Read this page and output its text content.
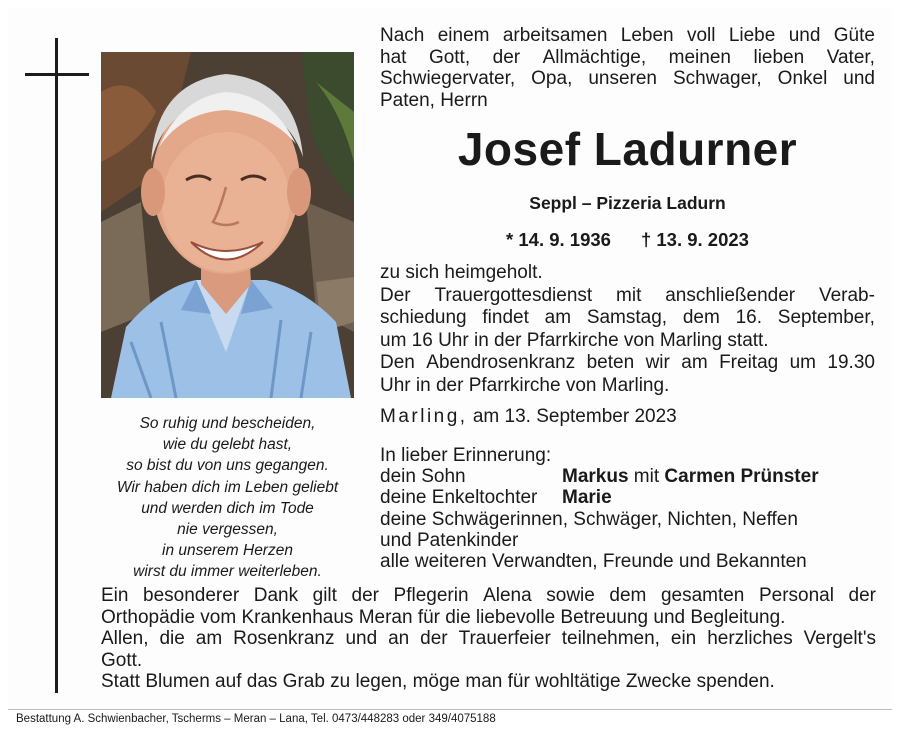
Nach einem arbeitsamen Leben voll Liebe und Güte
hat Gott, der Allmächtige, meinen lieben Vater,
Schwiegervater, Opa, unseren Schwager, Onkel und
Paten, Herrn
Josef Ladurner
Seppl – Pizzeria Ladurn
* 14. 9. 1936 † 13. 9. 2023
zu sich heimgeholt.
Der Trauergottesdienst mit anschließender Verab-
schiedung findet am Samstag, dem 16. September,
um 16 Uhr in der Pfarrkirche von Marling statt.
Den Abendrosenkranz beten wir am Freitag um 19.30
Uhr in der Pfarrkirche von Marling.
Marling, am 13. September 2023
In lieber Erinnerung:
dein Sohn	Markus mit Carmen Prünster
deine Enkeltochter Marie
deine Schwägerinnen, Schwäger, Nichten, Neffen
und Patenkinder
alle weiteren Verwandten, Freunde und Bekannten
So ruhig und bescheiden,
wie du gelebt hast,
so bist du von uns gegangen.
Wir haben dich im Leben geliebt
und werden dich im Tode
nie vergessen,
in unserem Herzen
wirst du immer weiterleben.
Ein besonderer Dank gilt der Pflegerin Alena sowie dem gesamten Personal der
Orthopädie vom Krankenhaus Meran für die liebevolle Betreuung und Begleitung.
Allen, die am Rosenkranz und an der Trauerfeier teilnehmen, ein herzliches Vergelt's
Gott.
Statt Blumen auf das Grab zu legen, möge man für wohltätige Zwecke spenden.
Bestattung A. Schwienbacher, Tscherms – Meran – Lana, Tel. 0473/448283 oder 349/4075188
